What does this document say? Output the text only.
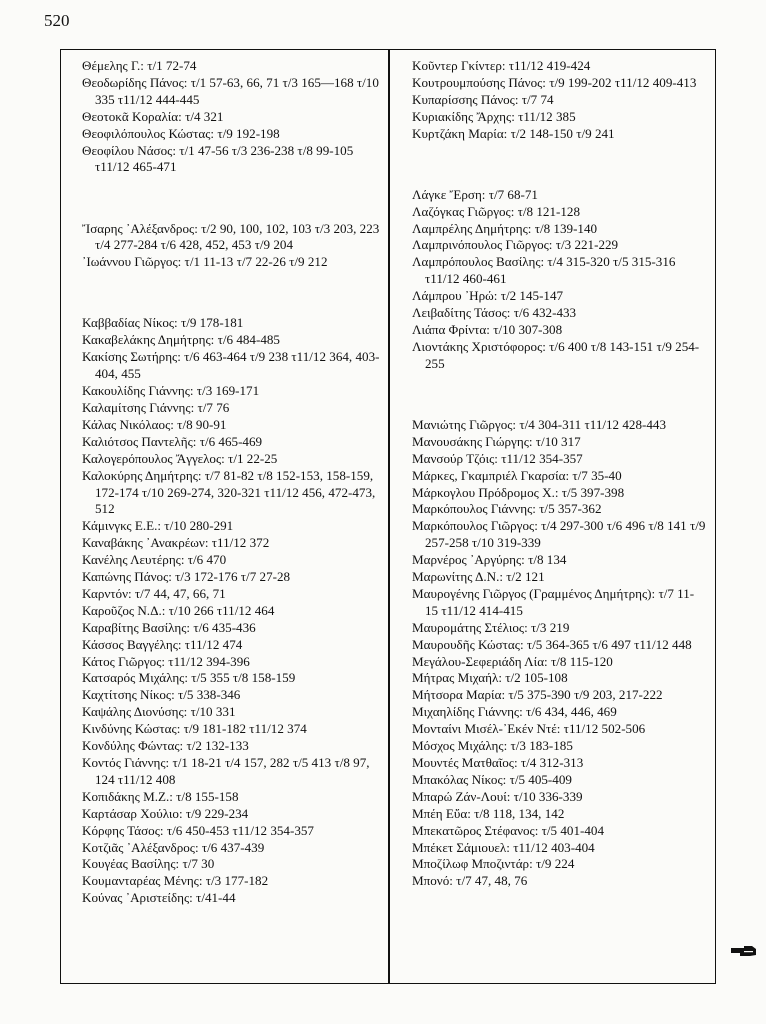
520

Θέμελης Γ.: τ/1 72-74

Θεοδωρίδης Πάνος: τ/1 57-63, 66, 71 τ/3 165—168 τ/10 335 τ11/12 444-445

Θεοτοκᾶ Κοραλία: τ/4 321

Θεοφιλόπουλος Κώστας: τ/9 192-198

Θεοφίλου Νάσος: τ/1 47-56 τ/3 236-238 τ/8 99-105 τ11/12 465-471

Ἴσαρης ᾿Αλέξανδρος: τ/2 90, 100, 102, 103 τ/3 203, 223 τ/4 277-284 τ/6 428, 452, 453 τ/9 204

᾿Ιωάννου Γιῶργος: τ/1 11-13 τ/7 22-26 τ/9 212

Καββαδίας Νίκος: τ/9 178-181

Κακαβελάκης Δημήτρης: τ/6 484-485

Κακίσης Σωτήρης: τ/6 463-464 τ/9 238 τ11/12 364, 403-404, 455

Κακουλίδης Γιάννης: τ/3 169-171

Καλαμίτσης Γιάννης: τ/7 76

Κάλας Νικόλαος: τ/8 90-91

Καλιότσος Παντελῆς: τ/6 465-469

Καλογερόπουλος Ἄγγελος: τ/1 22-25

Καλοκύρης Δημήτρης: τ/7 81-82 τ/8 152-153, 158-159, 172-174 τ/10 269-274, 320-321 τ11/12 456, 472-473, 512

Κάμινγκς Ε.Ε.: τ/10 280-291

Καναβάκης ᾿Ανακρέων: τ11/12 372

Κανέλης Λευτέρης: τ/6 470

Καπώνης Πάνος: τ/3 172-176 τ/7 27-28

Καρντόν: τ/7 44, 47, 66, 71

Καροῦζος Ν.Δ.: τ/10 266 τ11/12 464

Καραβίτης Βασίλης: τ/6 435-436

Κάσσος Βαγγέλης: τ11/12 474

Κάτος Γιῶργος: τ11/12 394-396

Κατσαρός Μιχάλης: τ/5 355 τ/8 158-159

Καχτίτσης Νίκος: τ/5 338-346

Καψάλης Διονύσης: τ/10 331

Κινδύνης Κώστας: τ/9 181-182 τ11/12 374

Κονδύλης Φώντας: τ/2 132-133

Κοντός Γιάννης: τ/1 18-21 τ/4 157, 282 τ/5 413 τ/8 97, 124 τ11/12 408

Κοπιδάκης Μ.Ζ.: τ/8 155-158

Καρτάσαρ Χούλιο: τ/9 229-234

Κόρφης Τάσος: τ/6 450-453 τ11/12 354-357

Κοτζιᾶς ᾿Αλέξανδρος: τ/6 437-439

Κουγέας Βασίλης: τ/7 30

Κουμανταρέας Μένης: τ/3 177-182

Κούνας ᾿Αριστείδης: τ/41-44

Κοῦντερ Γκίντερ: τ11/12 419-424

Κουτρουμπούσης Πάνος: τ/9 199-202 τ11/12 409-413

Κυπαρίσσης Πάνος: τ/7 74

Κυριακίδης Ἄρχης: τ11/12 385

Κυρτζάκη Μαρία: τ/2 148-150 τ/9 241

Λάγκε Ἔρση: τ/7 68-71

Λαζόγκας Γιῶργος: τ/8 121-128

Λαμπρέλης Δημήτρης: τ/8 139-140

Λαμπρινόπουλος Γιῶργος: τ/3 221-229

Λαμπρόπουλος Βασίλης: τ/4 315-320 τ/5 315-316 τ11/12 460-461

Λάμπρου ᾿Ηρώ: τ/2 145-147

Λειβαδίτης Τάσος: τ/6 432-433

Λιάπα Φρίντα: τ/10 307-308

Λιοντάκης Χριστόφορος: τ/6 400 τ/8 143-151 τ/9 254-255

Μανιώτης Γιῶργος: τ/4 304-311 τ11/12 428-443

Μανουσάκης Γιώργης: τ/10 317

Μανσούρ Τζόις: τ11/12 354-357

Μάρκες, Γκαμπριέλ Γκαρσία: τ/7 35-40

Μάρκογλου Πρόδρομος Χ.: τ/5 397-398

Μαρκόπουλος Γιάννης: τ/5 357-362

Μαρκόπουλος Γιῶργος: τ/4 297-300 τ/6 496 τ/8 141 τ/9 257-258 τ/10 319-339

Μαρνέρος ᾿Αργύρης: τ/8 134

Μαρωνίτης Δ.Ν.: τ/2 121

Μαυρογένης Γιῶργος (Γραμμένος Δημήτρης): τ/7 11-15 τ11/12 414-415

Μαυρομάτης Στέλιος: τ/3 219

Μαυρουδῆς Κώστας: τ/5 364-365 τ/6 497 τ11/12 448

Μεγάλου-Σεφεριάδη Λία: τ/8 115-120

Μήτρας Μιχαήλ: τ/2 105-108

Μήτσορα Μαρία: τ/5 375-390 τ/9 203, 217-222

Μιχαηλίδης Γιάννης: τ/6 434, 446, 469

Μονταίνι Μισέλ-᾿Εκέν Ντέ: τ11/12 502-506

Μόσχος Μιχάλης: τ/3 183-185

Μουντές Ματθαῖος: τ/4 312-313

Μπακόλας Νίκος: τ/5 405-409

Μπαρώ Ζάν-Λουί: τ/10 336-339

Μπέη Εὔα: τ/8 118, 134, 142

Μπεκατῶρος Στέφανος: τ/5 401-404

Μπέκετ Σάμιουελ: τ11/12 403-404

Μποζίλωφ Μποζιντάρ: τ/9 224

Μπονό: τ/7 47, 48, 76
